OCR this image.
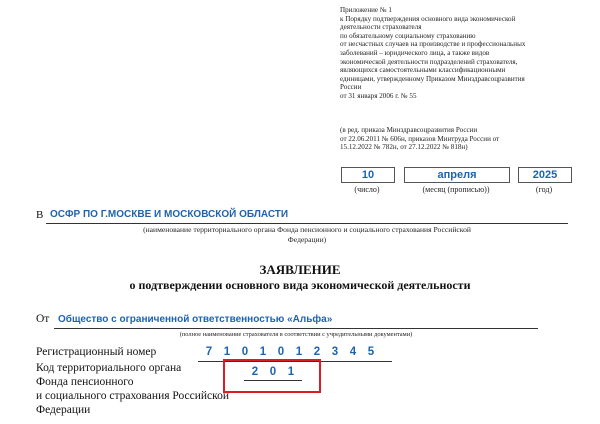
Приложение № 1
к Порядку подтверждения основного вида экономической
деятельности страхователя
по обязательному социальному страхованию
от несчастных случаев на производстве и профессиональных
заболеваний – юридического лица, а также видов
экономической деятельности подразделений страхователя,
являющихся самостоятельными классификационными
единицами, утвержденному Приказом Минздравсоцразвития
России
от 31 января 2006 г. № 55
(в ред. приказа Минздравсоцразвития России
от 22.06.2011 № 606н, приказов Минтруда России от
15.12.2022 № 782н, от 27.12.2022 № 818н)
10	апреля	2025
(число)	(месяц (прописью))	(год)
В ОСФР ПО Г.МОСКВЕ И МОСКОВСКОЙ ОБЛАСТИ
(наименование территориального органа Фонда пенсионного и социального страхования Российской
Федерации)
ЗАЯВЛЕНИЕ
о подтверждении основного вида экономической деятельности
От Общество с ограниченной ответственностью «Альфа»
(полное наименование страхователя в соответствии с учредительными документами)
Регистрационный номер	7 1 0 1 0 1 2 3 4 5
Код территориального органа
Фонда пенсионного
и социального страхования Российской
Федерации
2 0 1
